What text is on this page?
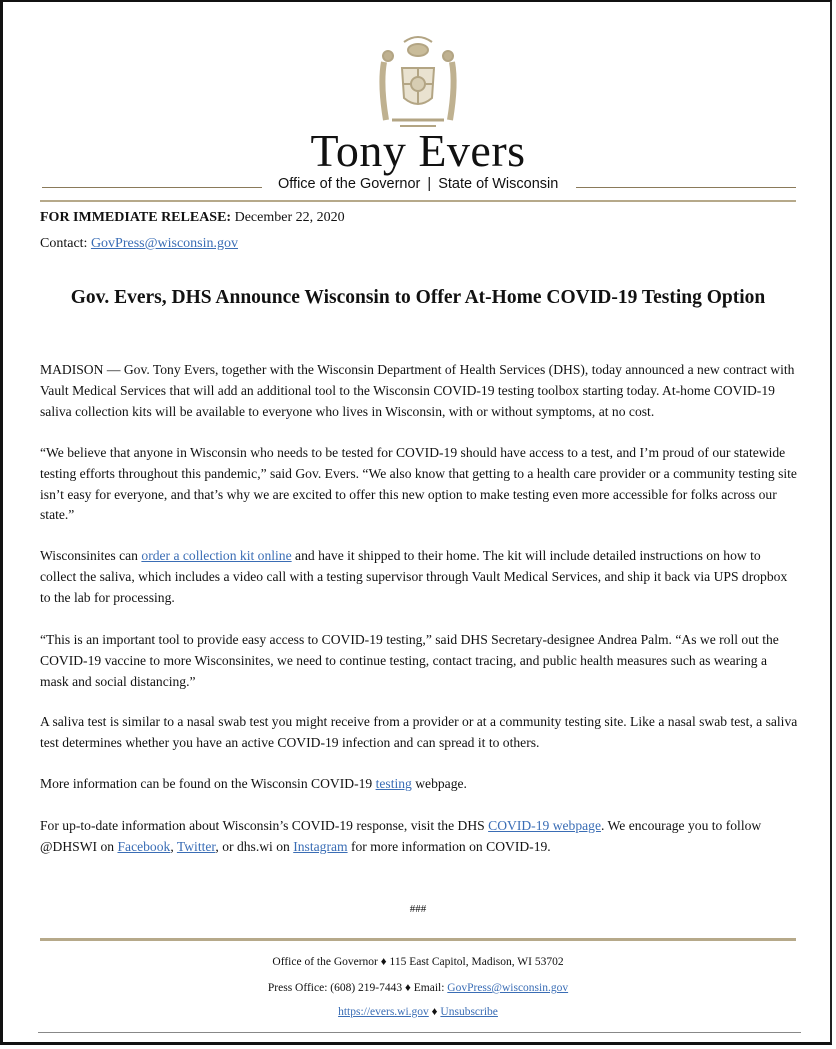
Tony Evers
Office of the Governor | State of Wisconsin
FOR IMMEDIATE RELEASE: December 22, 2020
Contact: GovPress@wisconsin.gov
Gov. Evers, DHS Announce Wisconsin to Offer At-Home COVID-19 Testing Option
MADISON — Gov. Tony Evers, together with the Wisconsin Department of Health Services (DHS), today announced a new contract with Vault Medical Services that will add an additional tool to the Wisconsin COVID-19 testing toolbox starting today. At-home COVID-19 saliva collection kits will be available to everyone who lives in Wisconsin, with or without symptoms, at no cost.
“We believe that anyone in Wisconsin who needs to be tested for COVID-19 should have access to a test, and I’m proud of our statewide testing efforts throughout this pandemic,” said Gov. Evers. “We also know that getting to a health care provider or a community testing site isn’t easy for everyone, and that’s why we are excited to offer this new option to make testing even more accessible for folks across our state.”
Wisconsinites can order a collection kit online and have it shipped to their home. The kit will include detailed instructions on how to collect the saliva, which includes a video call with a testing supervisor through Vault Medical Services, and ship it back via UPS dropbox to the lab for processing.
“This is an important tool to provide easy access to COVID-19 testing,” said DHS Secretary-designee Andrea Palm. “As we roll out the COVID-19 vaccine to more Wisconsinites, we need to continue testing, contact tracing, and public health measures such as wearing a mask and social distancing.”
A saliva test is similar to a nasal swab test you might receive from a provider or at a community testing site. Like a nasal swab test, a saliva test determines whether you have an active COVID-19 infection and can spread it to others.
More information can be found on the Wisconsin COVID-19 testing webpage.
For up-to-date information about Wisconsin’s COVID-19 response, visit the DHS COVID-19 webpage. We encourage you to follow @DHSWI on Facebook, Twitter, or dhs.wi on Instagram for more information on COVID-19.
###
Office of the Governor ♦ 115 East Capitol, Madison, WI 53702
Press Office: (608) 219-7443 ♦ Email: GovPress@wisconsin.gov
https://evers.wi.gov ♦ Unsubscribe
